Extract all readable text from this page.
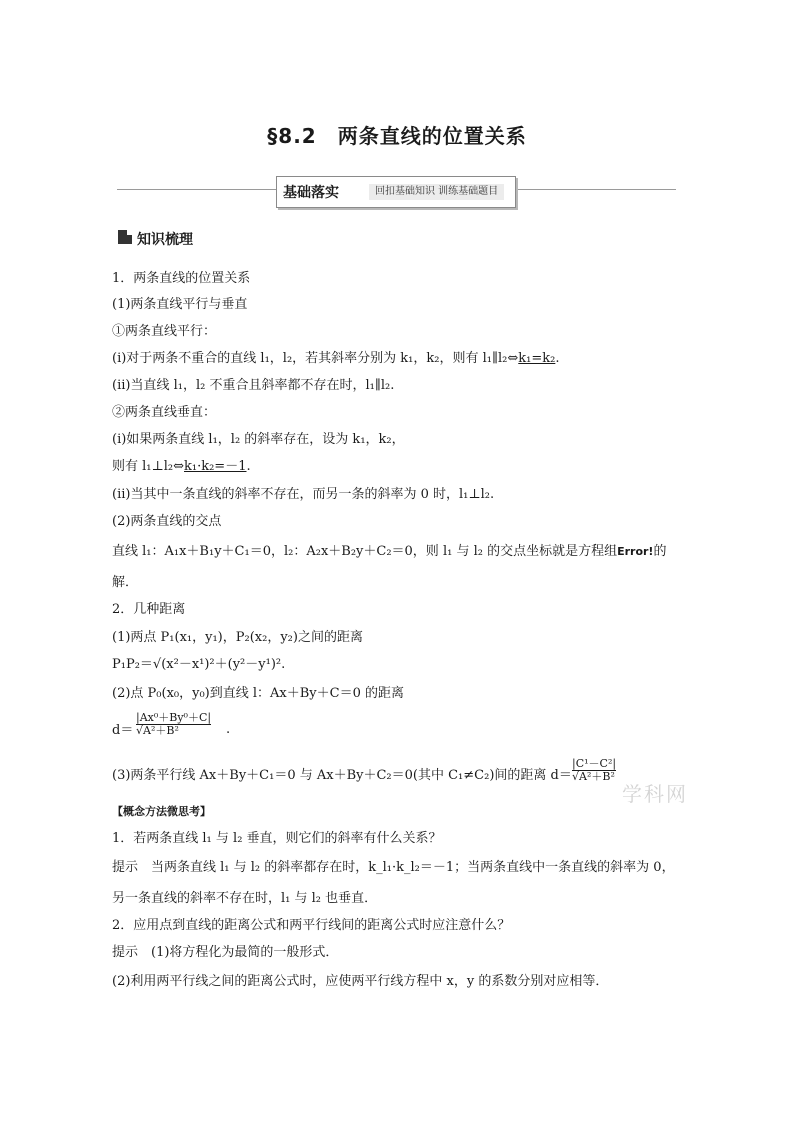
§8.2　两条直线的位置关系
基础落实	回扣基础知识 训练基础题目
知识梳理
1．两条直线的位置关系
(1)两条直线平行与垂直
①两条直线平行：
(ⅰ)对于两条不重合的直线 l₁，l₂，若其斜率分别为 k₁，k₂，则有 l₁∥l₂⇔k₁=k₂.
(ⅱ)当直线 l₁，l₂ 不重合且斜率都不存在时，l₁∥l₂.
②两条直线垂直：
(ⅰ)如果两条直线 l₁，l₂ 的斜率存在，设为 k₁，k₂，
则有 l₁⊥l₂⇔k₁·k₂=－1.
(ⅱ)当其中一条直线的斜率不存在，而另一条的斜率为 0 时，l₁⊥l₂.
(2)两条直线的交点
直线 l₁：A₁x＋B₁y＋C₁＝0，l₂：A₂x＋B₂y＋C₂＝0，则 l₁ 与 l₂ 的交点坐标就是方程组Error!的
解．
2．几种距离
(1)两点 P₁(x₁，y₁)，P₂(x₂，y₂)之间的距离
P₁P₂＝√(x²－x¹)²＋(y²－y¹)².
(2)点 P₀(x₀，y₀)到直线 l：Ax＋By＋C＝0 的距离
$d= \frac{\text{|Ax⁰＋By⁰＋C|}}{\text{√A²＋B²}}$ .
(3)两条平行线 Ax＋By＋C₁＝0 与 Ax＋By＋C₂＝0(其中 C₁≠C₂)间的距离 $d= \frac{\text{|C¹－C²|}}{\text{√A²＋B²}}$
学科网
【概念方法微思考】
1．若两条直线 l₁ 与 l₂ 垂直，则它们的斜率有什么关系？
提示　当两条直线 l₁ 与 l₂ 的斜率都存在时，k_l₁·k_l₂＝－1；当两条直线中一条直线的斜率为 0，
另一条直线的斜率不存在时，l₁ 与 l₂ 也垂直．
2．应用点到直线的距离公式和两平行线间的距离公式时应注意什么？
提示　(1)将方程化为最简的一般形式．
(2)利用两平行线之间的距离公式时，应使两平行线方程中 x，y 的系数分别对应相等．
